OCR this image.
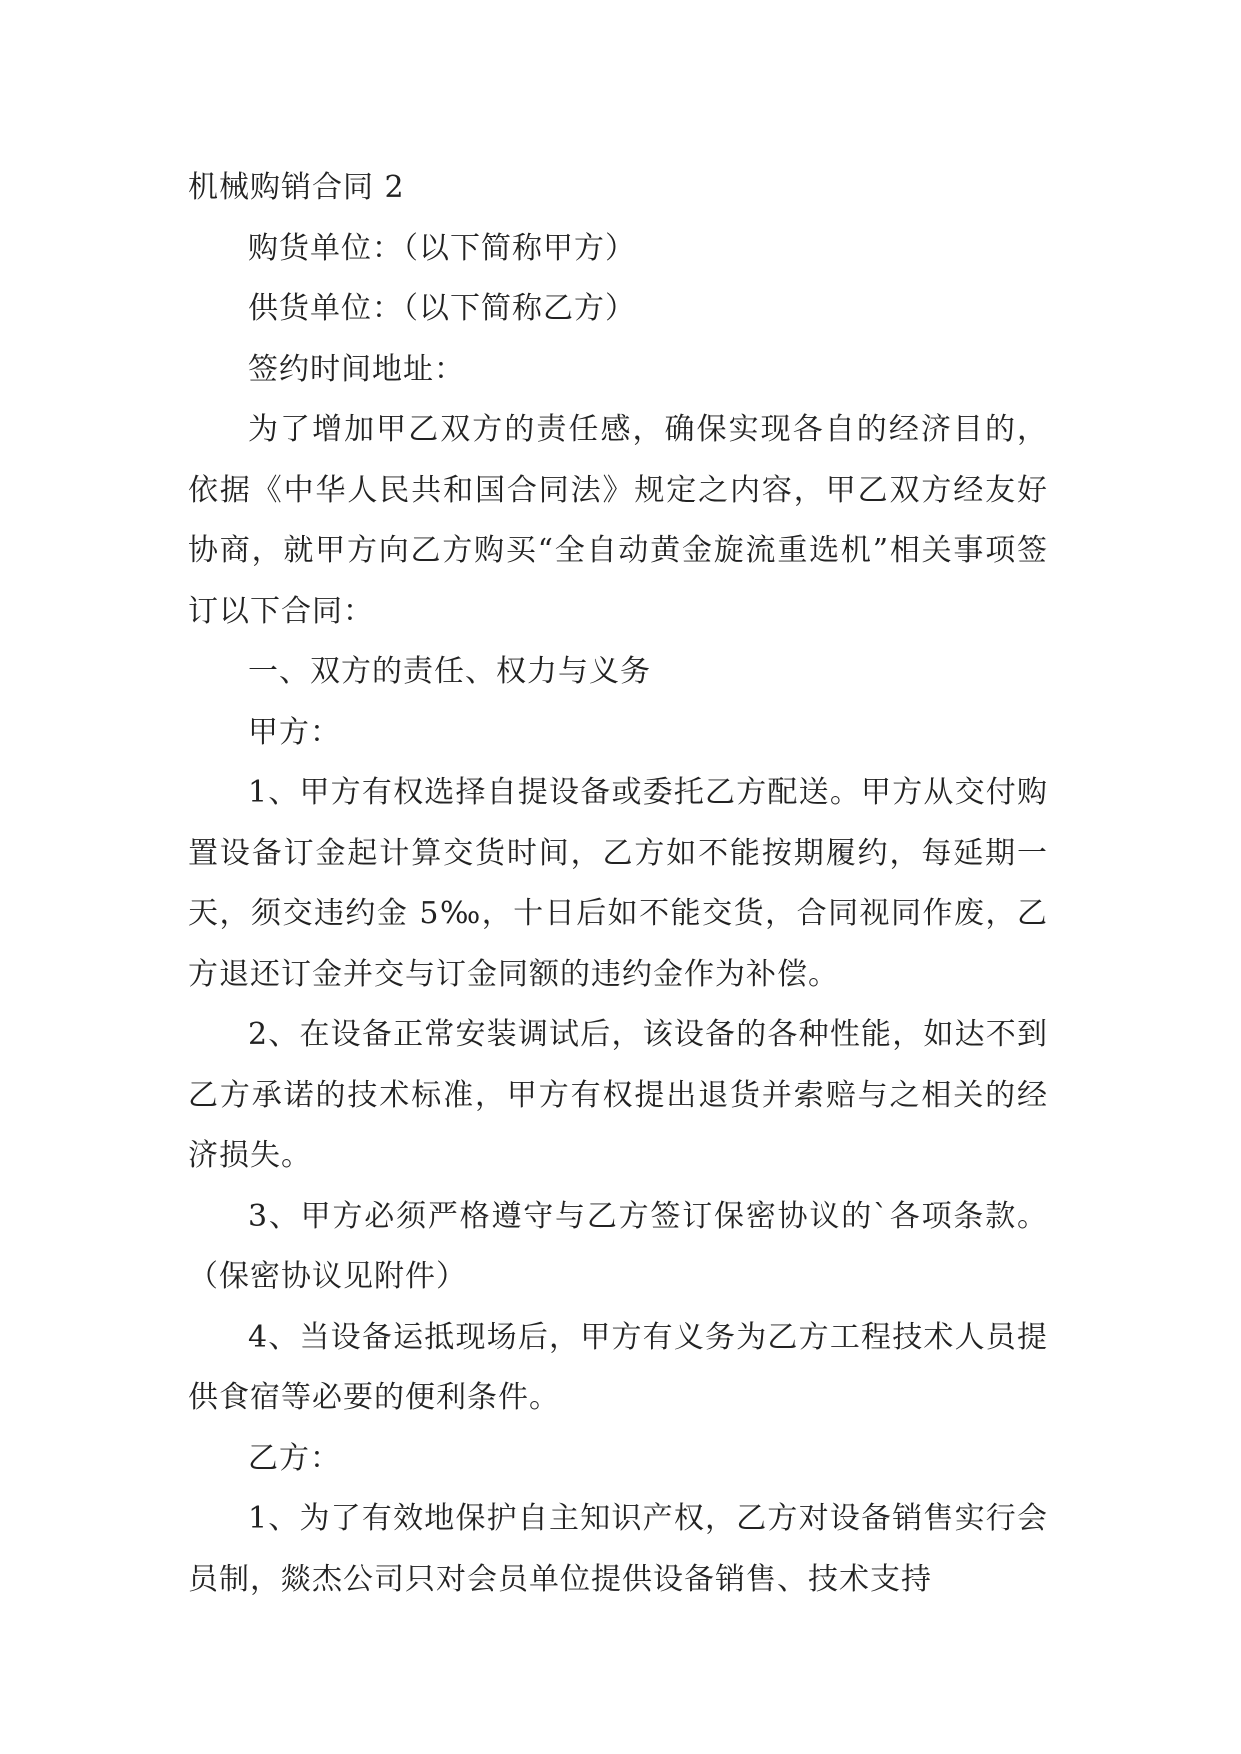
机械购销合同 2

购货单位：（以下简称甲方）

供货单位：（以下简称乙方）

签约时间地址：

为了增加甲乙双方的责任感，确保实现各自的经济目的，依据《中华人民共和国合同法》规定之内容，甲乙双方经友好协商，就甲方向乙方购买“全自动黄金旋流重选机”相关事项签订以下合同：

一、双方的责任、权力与义务

甲方：

1、甲方有权选择自提设备或委托乙方配送。甲方从交付购置设备订金起计算交货时间，乙方如不能按期履约，每延期一天，须交违约金 5‰，十日后如不能交货，合同视同作废，乙方退还订金并交与订金同额的违约金作为补偿。

2、在设备正常安装调试后，该设备的各种性能，如达不到乙方承诺的技术标准，甲方有权提出退货并索赔与之相关的经济损失。

3、甲方必须严格遵守与乙方签订保密协议的`各项条款。（保密协议见附件）

4、当设备运抵现场后，甲方有义务为乙方工程技术人员提供食宿等必要的便利条件。

乙方：

1、为了有效地保护自主知识产权，乙方对设备销售实行会员制，燚杰公司只对会员单位提供设备销售、技术支持
